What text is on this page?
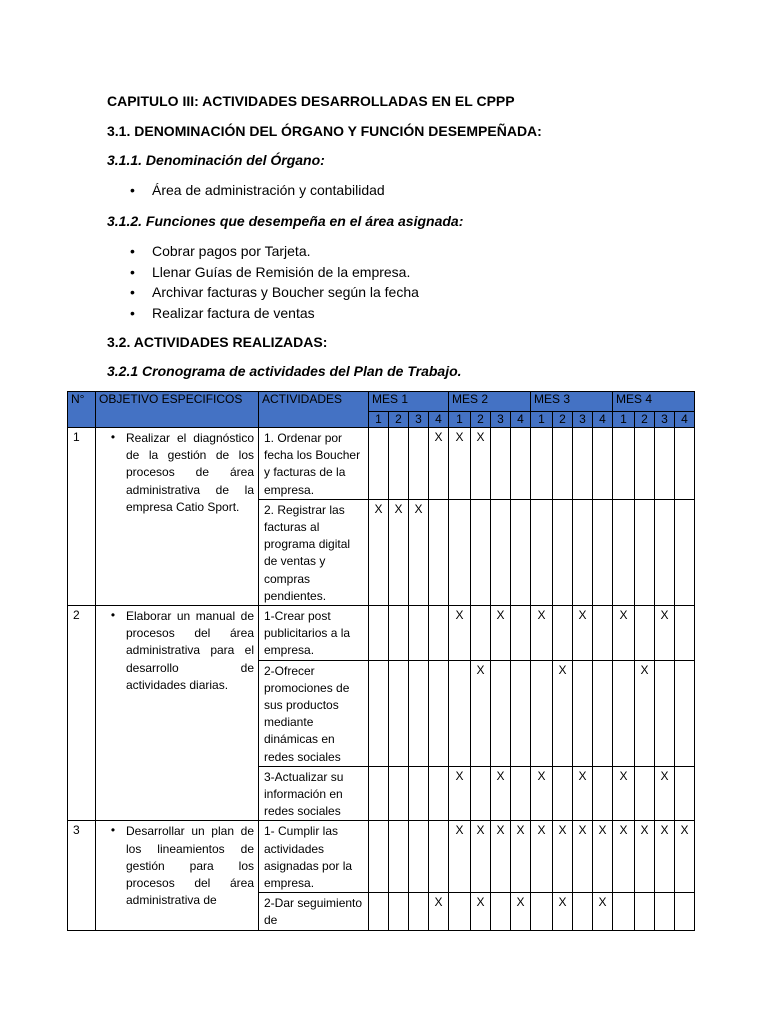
CAPITULO III: ACTIVIDADES DESARROLLADAS EN EL CPPP
3.1. DENOMINACIÓN DEL ÓRGANO Y FUNCIÓN DESEMPEÑADA:
3.1.1. Denominación del Órgano:
• Área de administración y contabilidad
3.1.2. Funciones que desempeña en el área asignada:
• Cobrar pagos por Tarjeta.
• Llenar Guías de Remisión de la empresa.
• Archivar facturas y Boucher según la fecha
• Realizar factura de ventas
3.2. ACTIVIDADES REALIZADAS:
3.2.1 Cronograma de actividades del Plan de Trabajo.
N°	OBJETIVO ESPECIFICOS	ACTIVIDADES	MES 1				MES 2				MES 3				MES 4			
			1	2	3	4	1	2	3	4	1	2	3	4	1	2	3	4
1	• Realizar el diagnóstico de la gestión de los procesos de área administrativa de la empresa Catio Sport.	1. Ordenar por fecha los Boucher y facturas de la empresa.				X	X	X										
		2. Registrar las facturas al programa digital de ventas y compras pendientes.	X	X	X													
2	• Elaborar un manual de procesos del área administrativa para el desarrollo de actividades diarias.	1-Crear post publicitarios a la empresa.					X		X		X		X		X		X	
		2-Ofrecer promociones de sus productos mediante dinámicas en redes sociales						X				X				X		
		3-Actualizar su información en redes sociales					X		X		X		X		X		X	
3	• Desarrollar un plan de los lineamientos de gestión para los procesos del área administrativa de	1- Cumplir las actividades asignadas por la empresa.					X	X	X	X	X	X	X	X	X	X	X	X
		2-Dar seguimiento de				X		X		X		X		X				
